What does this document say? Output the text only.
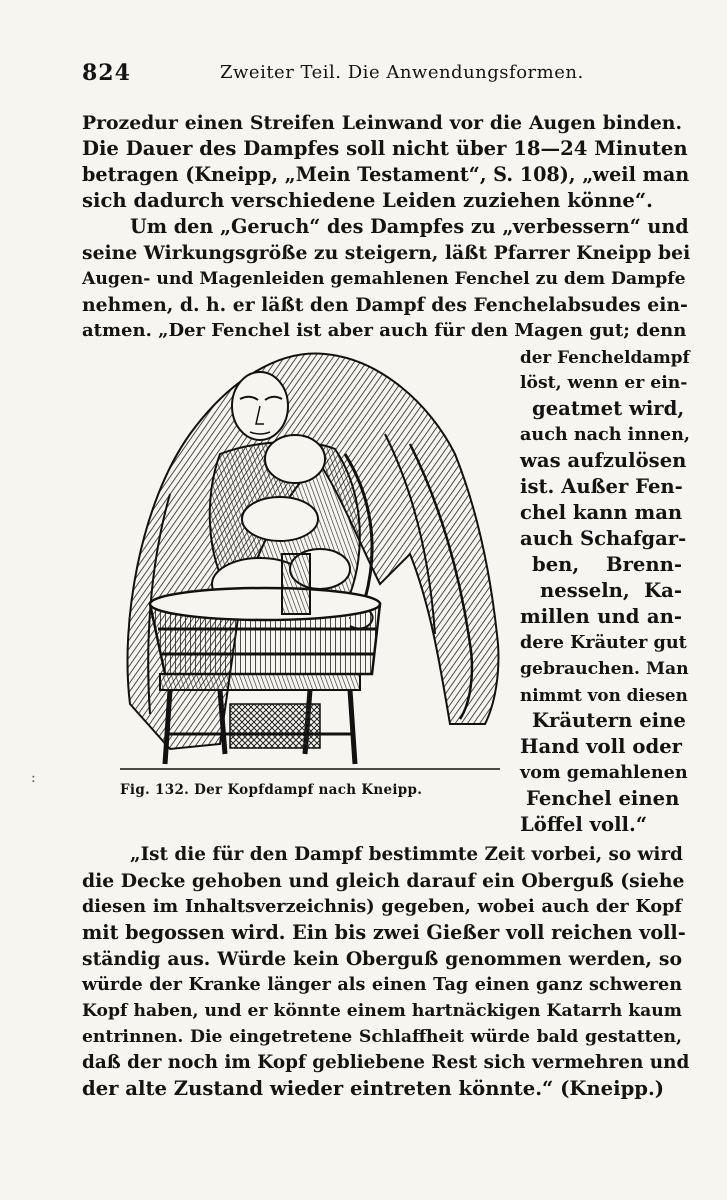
824	Zweiter Teil. Die Anwendungsformen.
Prozedur einen Streifen Leinwand vor die Augen binden.
Die Dauer des Dampfes soll nicht über 18—24 Minuten
betragen (Kneipp, „Mein Testament“, S. 108), „weil man
sich dadurch verschiedene Leiden zuziehen könne“.
Um den „Geruch“ des Dampfes zu „verbessern“ und
seine Wirkungsgröße zu steigern, läßt Pfarrer Kneipp bei
Augen- und Magenleiden gemahlenen Fenchel zu dem Dampfe
nehmen, d. h. er läßt den Dampf des Fenchelabsudes ein-
atmen. „Der Fenchel ist aber auch für den Magen gut; denn
der Fencheldampf
löst, wenn er ein-
geatmet wird,
auch nach innen,
was aufzulösen
ist. Außer Fen-
chel kann man
auch Schafgar-
ben, Brenn-
nesseln, Ka-
millen und an-
dere Kräuter gut
gebrauchen. Man
nimmt von diesen
Kräutern eine
Hand voll oder
vom gemahlenen
Fenchel einen
Löffel voll.“
Fig. 132. Der Kopfdampf nach Kneipp.
:
„Ist die für den Dampf bestimmte Zeit vorbei, so wird
die Decke gehoben und gleich darauf ein Oberguß (siehe
diesen im Inhaltsverzeichnis) gegeben, wobei auch der Kopf
mit begossen wird. Ein bis zwei Gießer voll reichen voll-
ständig aus. Würde kein Oberguß genommen werden, so
würde der Kranke länger als einen Tag einen ganz schweren
Kopf haben, und er könnte einem hartnäckigen Katarrh kaum
entrinnen. Die eingetretene Schlaffheit würde bald gestatten,
daß der noch im Kopf gebliebene Rest sich vermehren und
der alte Zustand wieder eintreten könnte.“ (Kneipp.)
